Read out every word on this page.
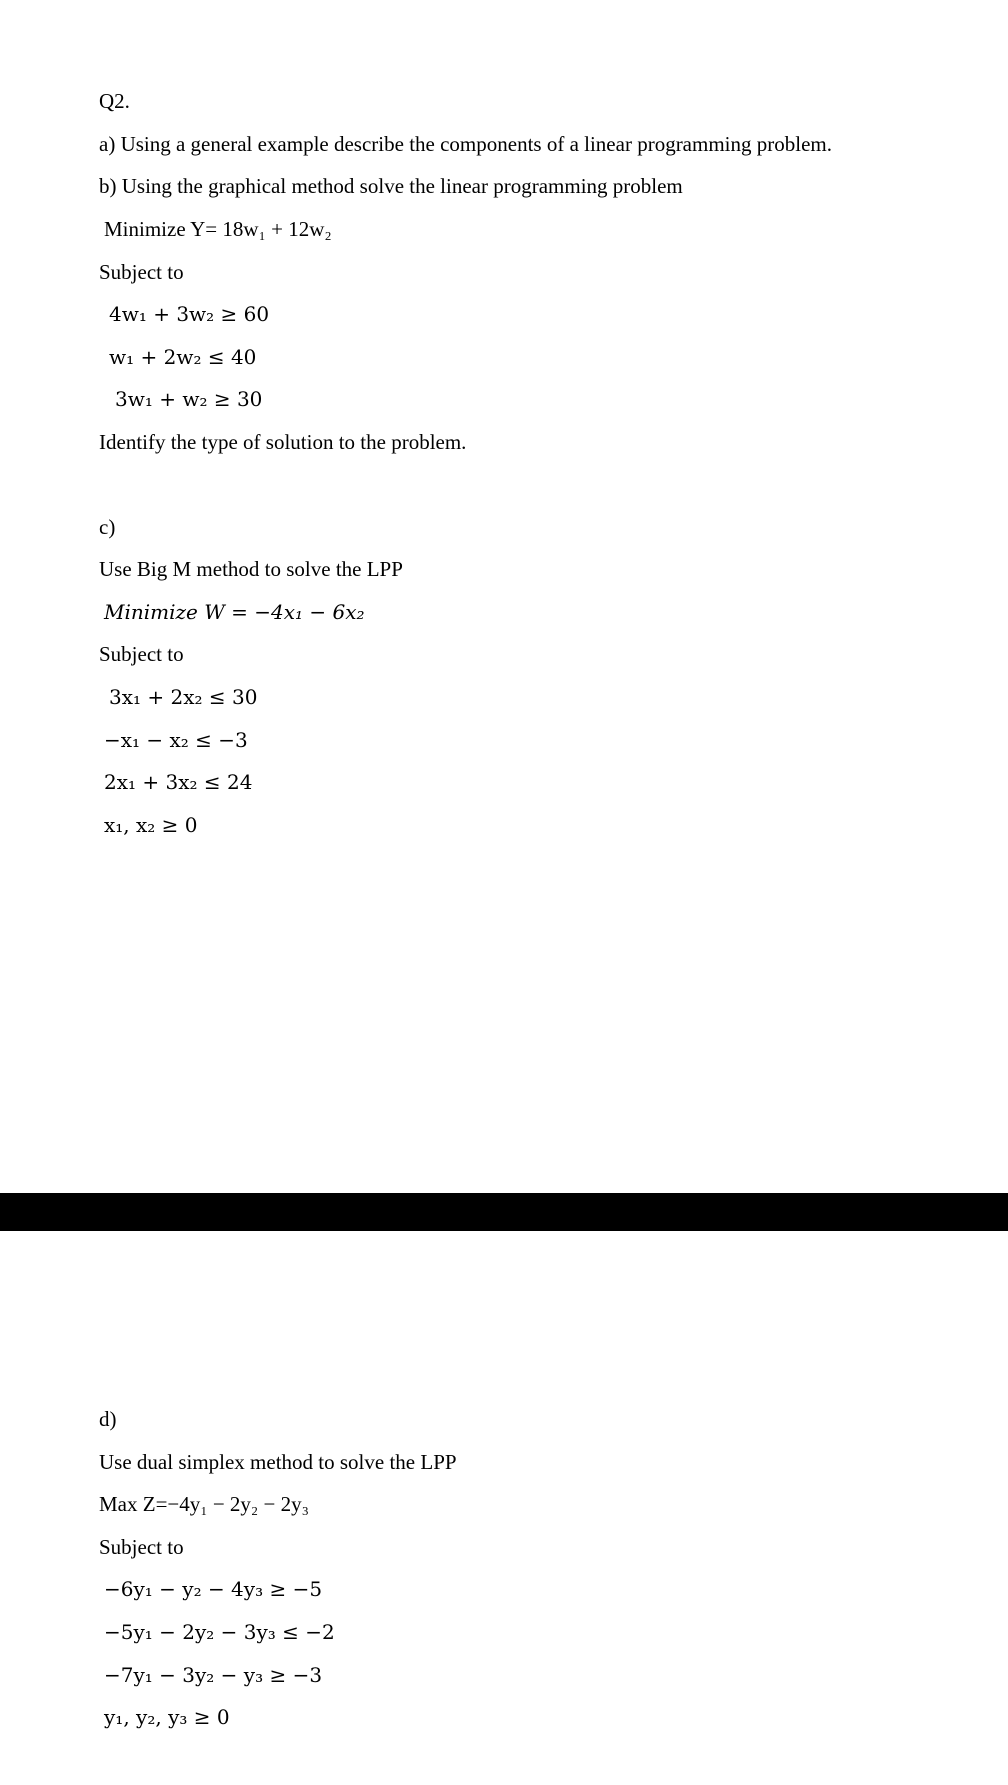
Q2.
a) Using a general example describe the components of a linear programming problem.
b) Using the graphical method solve the linear programming problem
Minimize Y= 18w₁ + 12w₂
Subject to
4w₁ + 3w₂ ≥ 60
w₁ + 2w₂ ≤ 40
3w₁ + w₂ ≥ 30
Identify the type of solution to the problem.
c)
Use Big M method to solve the LPP
Minimize W = −4x₁ − 6x₂
Subject to
3x₁ + 2x₂ ≤ 30
−x₁ − x₂ ≤ −3
2x₁ + 3x₂ ≤ 24
x₁, x₂ ≥ 0
d)
Use dual simplex method to solve the LPP
Max Z=−4y₁ − 2y₂ − 2y₃
Subject to
−6y₁ − y₂ − 4y₃ ≥ −5
−5y₁ − 2y₂ − 3y₃ ≤ −2
−7y₁ − 3y₂ − y₃ ≥ −3
y₁, y₂, y₃ ≥ 0
